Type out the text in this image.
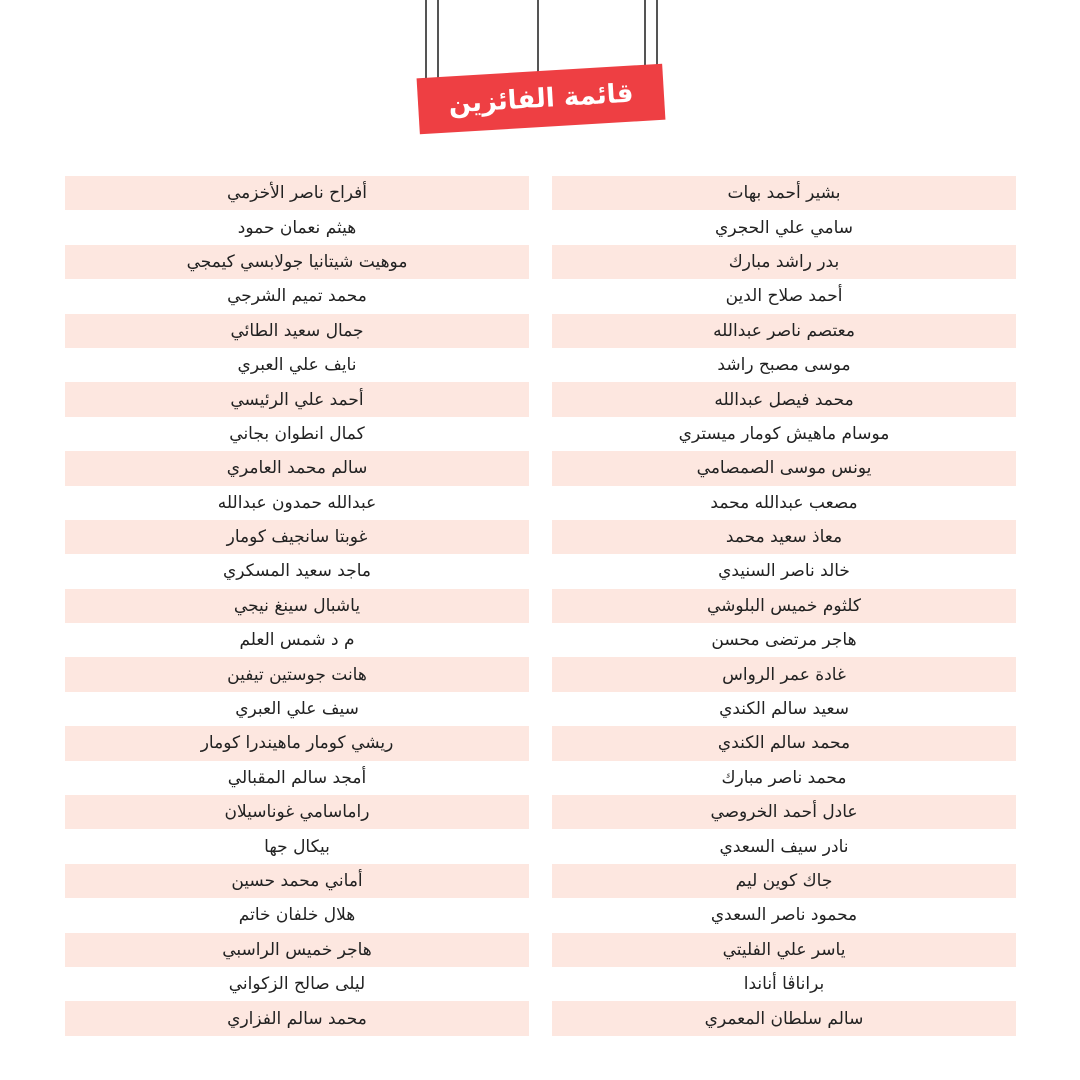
قائمة الفائزين
بشير أحمد بهات
سامي علي الحجري
بدر راشد مبارك
أحمد صلاح الدين
معتصم ناصر عبدالله
موسى مصبح راشد
محمد فيصل عبدالله
موسام ماهيش كومار ميستري
يونس موسى الصمصامي
مصعب عبدالله محمد
معاذ سعيد محمد
خالد ناصر السنيدي
كلثوم خميس البلوشي
هاجر مرتضى محسن
غادة عمر الرواس
سعيد سالم الكندي
محمد سالم الكندي
محمد ناصر مبارك
عادل أحمد الخروصي
نادر سيف السعدي
جاك كوين ليم
محمود ناصر السعدي
ياسر علي الفليتي
براناڤا أناندا
سالم سلطان المعمري
أفراح ناصر الأخزمي
هيثم نعمان حمود
موهيت شيتانيا جولابسي كيمجي
محمد تميم الشرجي
جمال سعيد الطائي
نايف علي العبري
أحمد علي الرئيسي
كمال انطوان بجاني
سالم محمد العامري
عبدالله حمدون عبدالله
غوبتا سانجيف كومار
ماجد سعيد المسكري
ياشبال سينغ نيجي
م د شمس العلم
هانت جوستين تيفين
سيف علي العبري
ريشي كومار ماهيندرا كومار
أمجد سالم المقبالي
راماسامي غوناسيلان
بيكال جها
أماني محمد حسين
هلال خلفان خاتم
هاجر خميس الراسبي
ليلى صالح الزكواني
محمد سالم الفزاري
